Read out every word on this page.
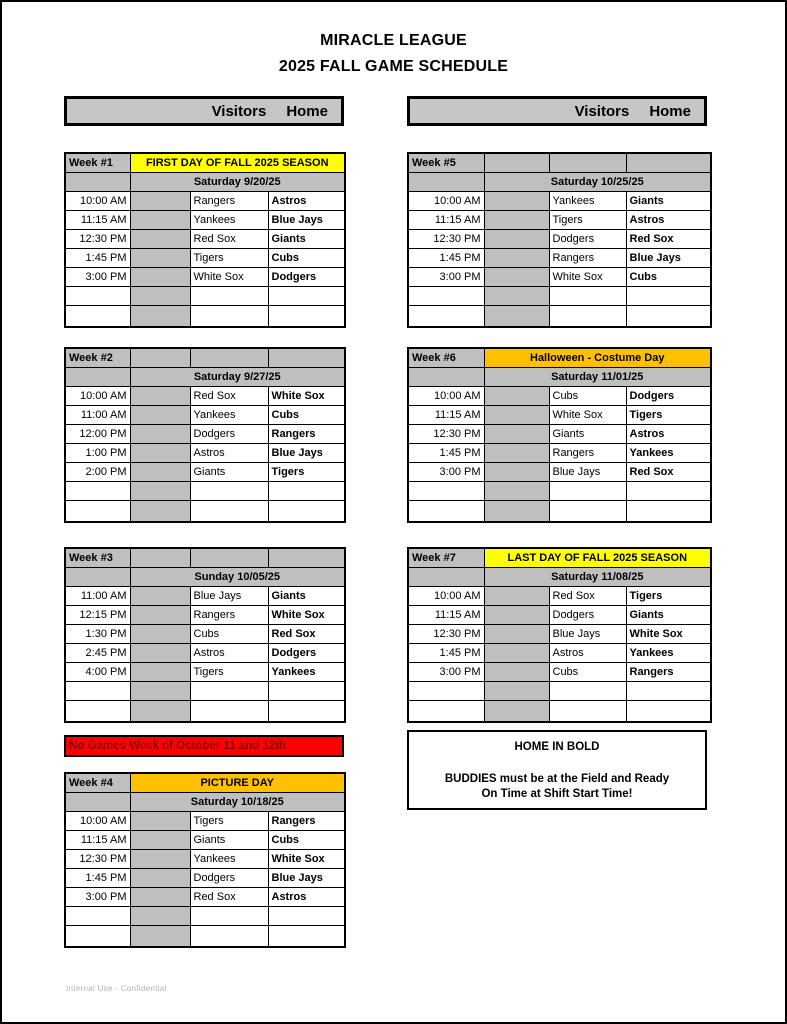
MIRACLE LEAGUE
2025 FALL GAME SCHEDULE
Visitors Home	Visitors Home
Week #1	FIRST DAY OF FALL 2025 SEASON		
	Saturday 9/20/25		
10:00 AM		Rangers	Astros
11:15 AM		Yankees	Blue Jays
12:30 PM		Red Sox	Giants
1:45 PM		Tigers	Cubs
3:00 PM		White Sox	Dodgers

Week #2			
	Saturday 9/27/25		
10:00 AM		Red Sox	White Sox
11:00 AM		Yankees	Cubs
12:00 PM		Dodgers	Rangers
1:00 PM		Astros	Blue Jays
2:00 PM		Giants	Tigers

Week #3			
	Sunday 10/05/25		
11:00 AM		Blue Jays	Giants
12:15 PM		Rangers	White Sox
1:30 PM		Cubs	Red Sox
2:45 PM		Astros	Dodgers
4:00 PM		Tigers	Yankees

Week #4	PICTURE DAY		
	Saturday 10/18/25		
10:00 AM		Tigers	Rangers
11:15 AM		Giants	Cubs
12:30 PM		Yankees	White Sox
1:45 PM		Dodgers	Blue Jays
3:00 PM		Red Sox	Astros

Week #5			
	Saturday 10/25/25		
10:00 AM		Yankees	Giants
11:15 AM		Tigers	Astros
12:30 PM		Dodgers	Red Sox
1:45 PM		Rangers	Blue Jays
3:00 PM		White Sox	Cubs

Week #6	Halloween - Costume Day		
	Saturday 11/01/25		
10:00 AM		Cubs	Dodgers
11:15 AM		White Sox	Tigers
12:30 PM		Giants	Astros
1:45 PM		Rangers	Yankees
3:00 PM		Blue Jays	Red Sox

Week #7	LAST DAY OF FALL 2025 SEASON		
	Saturday 11/08/25		
10:00 AM		Red Sox	Tigers
11:15 AM		Dodgers	Giants
12:30 PM		Blue Jays	White Sox
1:45 PM		Astros	Yankees
3:00 PM		Cubs	Rangers

No Games Week of October 11 and 12th	HOME IN BOLD
BUDDIES must be at the Field and Ready
On Time at Shift Start Time!
Internal Use - Confidential
